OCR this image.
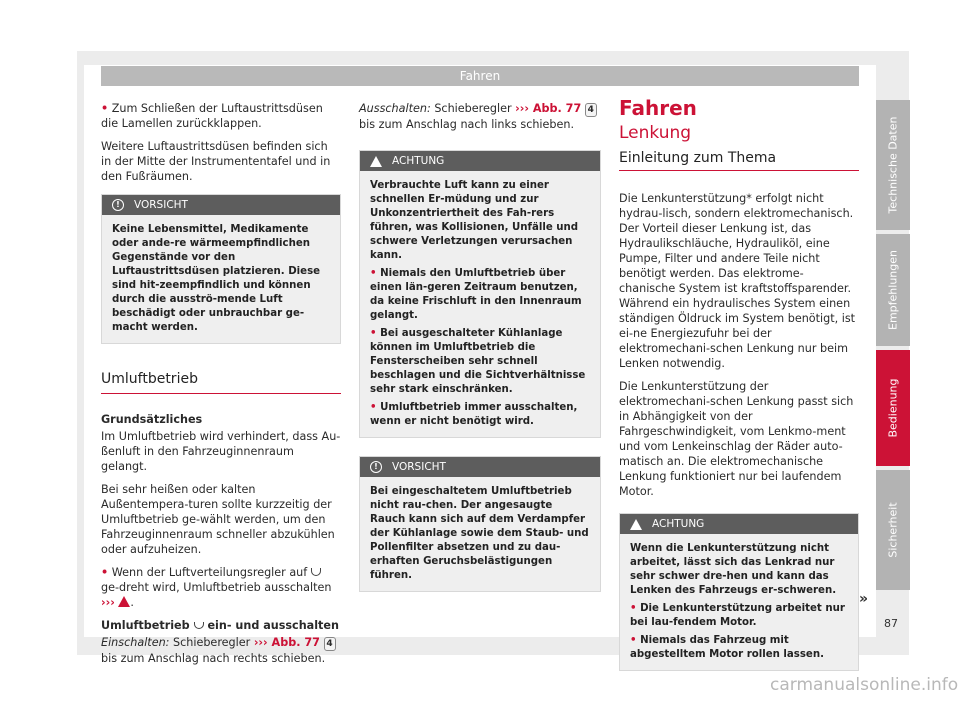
Fahren

• Zum Schließen der Luftaustrittsdüsen die Lamellen zurückklappen.

Weitere Luftaustrittsdüsen befinden sich in der Mitte der Instrumententafel und in den Fußräumen.

!	VORSICHT
Keine Lebensmittel, Medikamente oder ande-re wärmeempfindlichen Gegenstände vor den Luftaustrittsdüsen platzieren. Diese sind hit-zeempfindlich und können durch die ausströ-mende Luft beschädigt oder unbrauchbar ge-macht werden.
Umluftbetrieb
Grundsätzliches

Im Umluftbetrieb wird verhindert, dass Au-ßenluft in den Fahrzeuginnenraum gelangt.

Bei sehr heißen oder kalten Außentempera-turen sollte kurzzeitig der Umluftbetrieb ge-wählt werden, um den Fahrzeuginnenraum schneller abzukühlen oder aufzuheizen.

• Wenn der Luftverteilungsregler auf  ge-dreht wird, Umluftbetrieb ausschalten ››› .

Umluftbetrieb ein- und ausschalten

Einschalten: Schieberegler ››› Abb. 77 4 bis zum Anschlag nach rechts schieben.

Ausschalten: Schieberegler ››› Abb. 77 4 bis zum Anschlag nach links schieben.

ACHTUNG

Verbrauchte Luft kann zu einer schnellen Er-müdung und zur Unkonzentriertheit des Fah-rers führen, was Kollisionen, Unfälle und schwere Verletzungen verursachen kann.

• Niemals den Umluftbetrieb über einen län-geren Zeitraum benutzen, da keine Frischluft in den Innenraum gelangt.

• Bei ausgeschalteter Kühlanlage können im Umluftbetrieb die Fensterscheiben sehr schnell beschlagen und die Sichtverhältnisse sehr stark einschränken.

• Umluftbetrieb immer ausschalten, wenn er nicht benötigt wird.

!	VORSICHT
Bei eingeschaltetem Umluftbetrieb nicht rau-chen. Der angesaugte Rauch kann sich auf dem Verdampfer der Kühlanlage sowie dem Staub- und Pollenfilter absetzen und zu dau-erhaften Geruchsbelästigungen führen.
Fahren
Lenkung
Einleitung zum Thema

Die Lenkunterstützung* erfolgt nicht hydrau-lisch, sondern elektromechanisch. Der Vorteil dieser Lenkung ist, das Hydraulikschläuche, Hydrauliköl, eine Pumpe, Filter und andere Teile nicht benötigt werden. Das elektrome-chanische System ist kraftstoffsparender. Während ein hydraulisches System einen ständigen Öldruck im System benötigt, ist ei-ne Energiezufuhr bei der elektromechani-schen Lenkung nur beim Lenken notwendig.

Die Lenkunterstützung der elektromechani-schen Lenkung passt sich in Abhängigkeit von der Fahrgeschwindigkeit, vom Lenkmo-ment und vom Lenkeinschlag der Räder auto-matisch an. Die elektromechanische Lenkung funktioniert nur bei laufendem Motor.

ACHTUNG

Wenn die Lenkunterstützung nicht arbeitet, lässt sich das Lenkrad nur sehr schwer dre-hen und kann das Lenken des Fahrzeugs er-schweren.

• Die Lenkunterstützung arbeitet nur bei lau-fendem Motor.

• Niemals das Fahrzeug mit abgestelltem Motor rollen lassen.

»
Technische Daten
Empfehlungen
Bedienung
Sicherheit
87
carmanualsonline.info
